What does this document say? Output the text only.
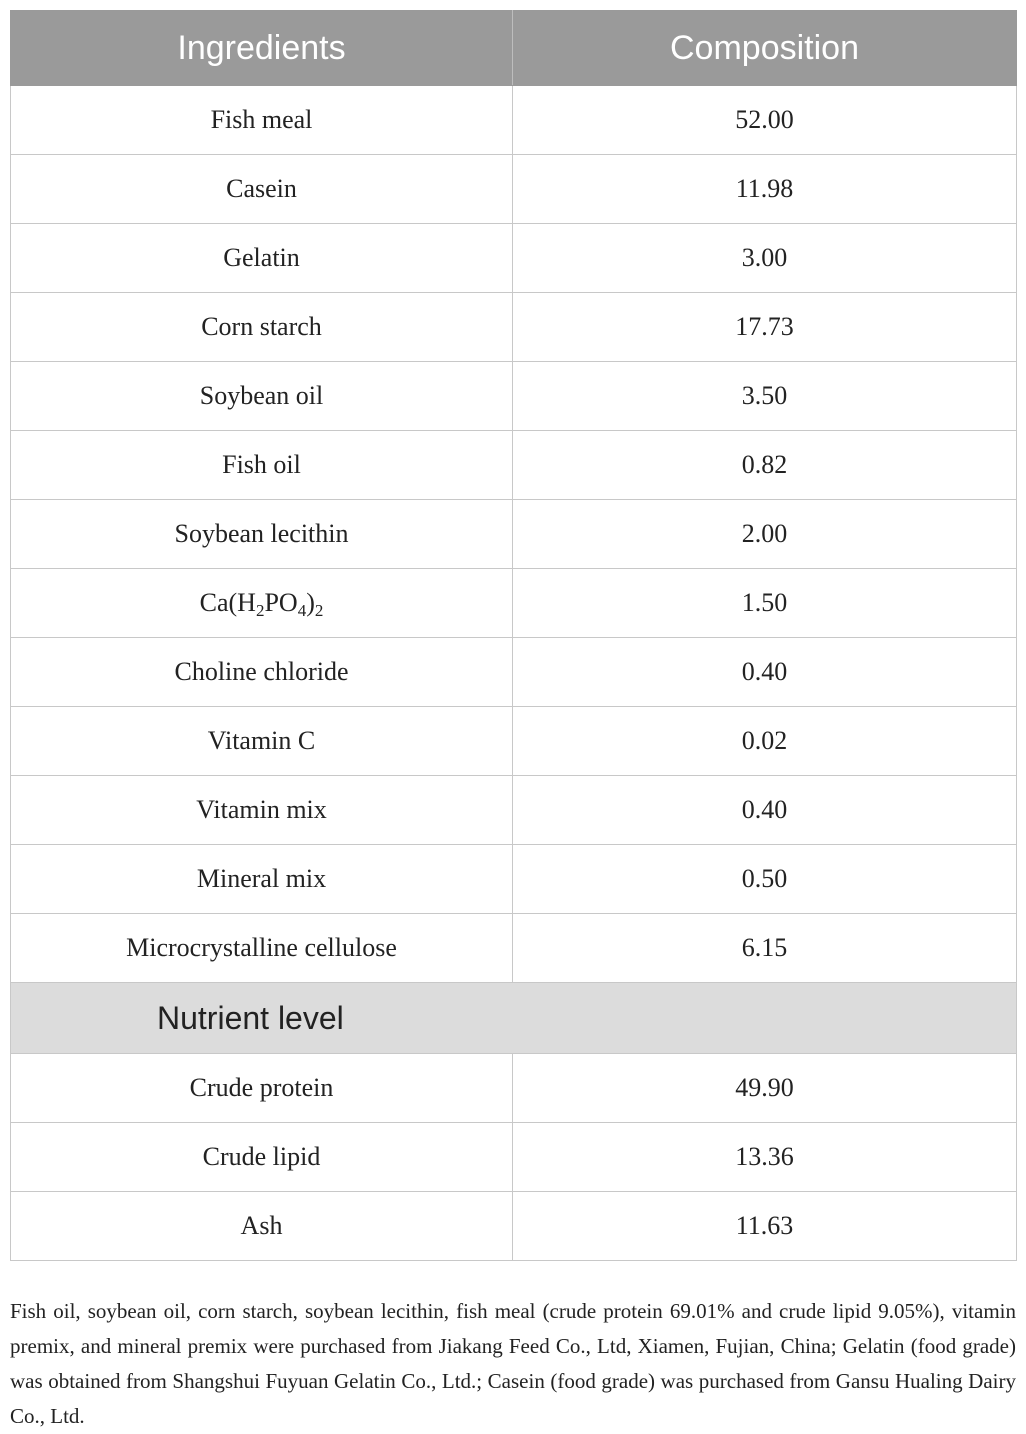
Ingredients	Composition
Fish meal	52.00
Casein	11.98
Gelatin	3.00
Corn starch	17.73
Soybean oil	3.50
Fish oil	0.82
Soybean lecithin	2.00
$Ca(H_2PO_4)_2$	1.50
Choline chloride	0.40
Vitamin C	0.02
Vitamin mix	0.40
Mineral mix	0.50
Microcrystalline cellulose	6.15
Nutrient level	
Crude protein	49.90
Crude lipid	13.36
Ash	11.63

Fish oil, soybean oil, corn starch, soybean lecithin, fish meal (crude protein 69.01% and crude lipid 9.05%), vitamin premix, and mineral premix were purchased from Jiakang Feed Co., Ltd, Xiamen, Fujian, China; Gelatin (food grade) was obtained from Shangshui Fuyuan Gelatin Co., Ltd.; Casein (food grade) was purchased from Gansu Hualing Dairy Co., Ltd.
